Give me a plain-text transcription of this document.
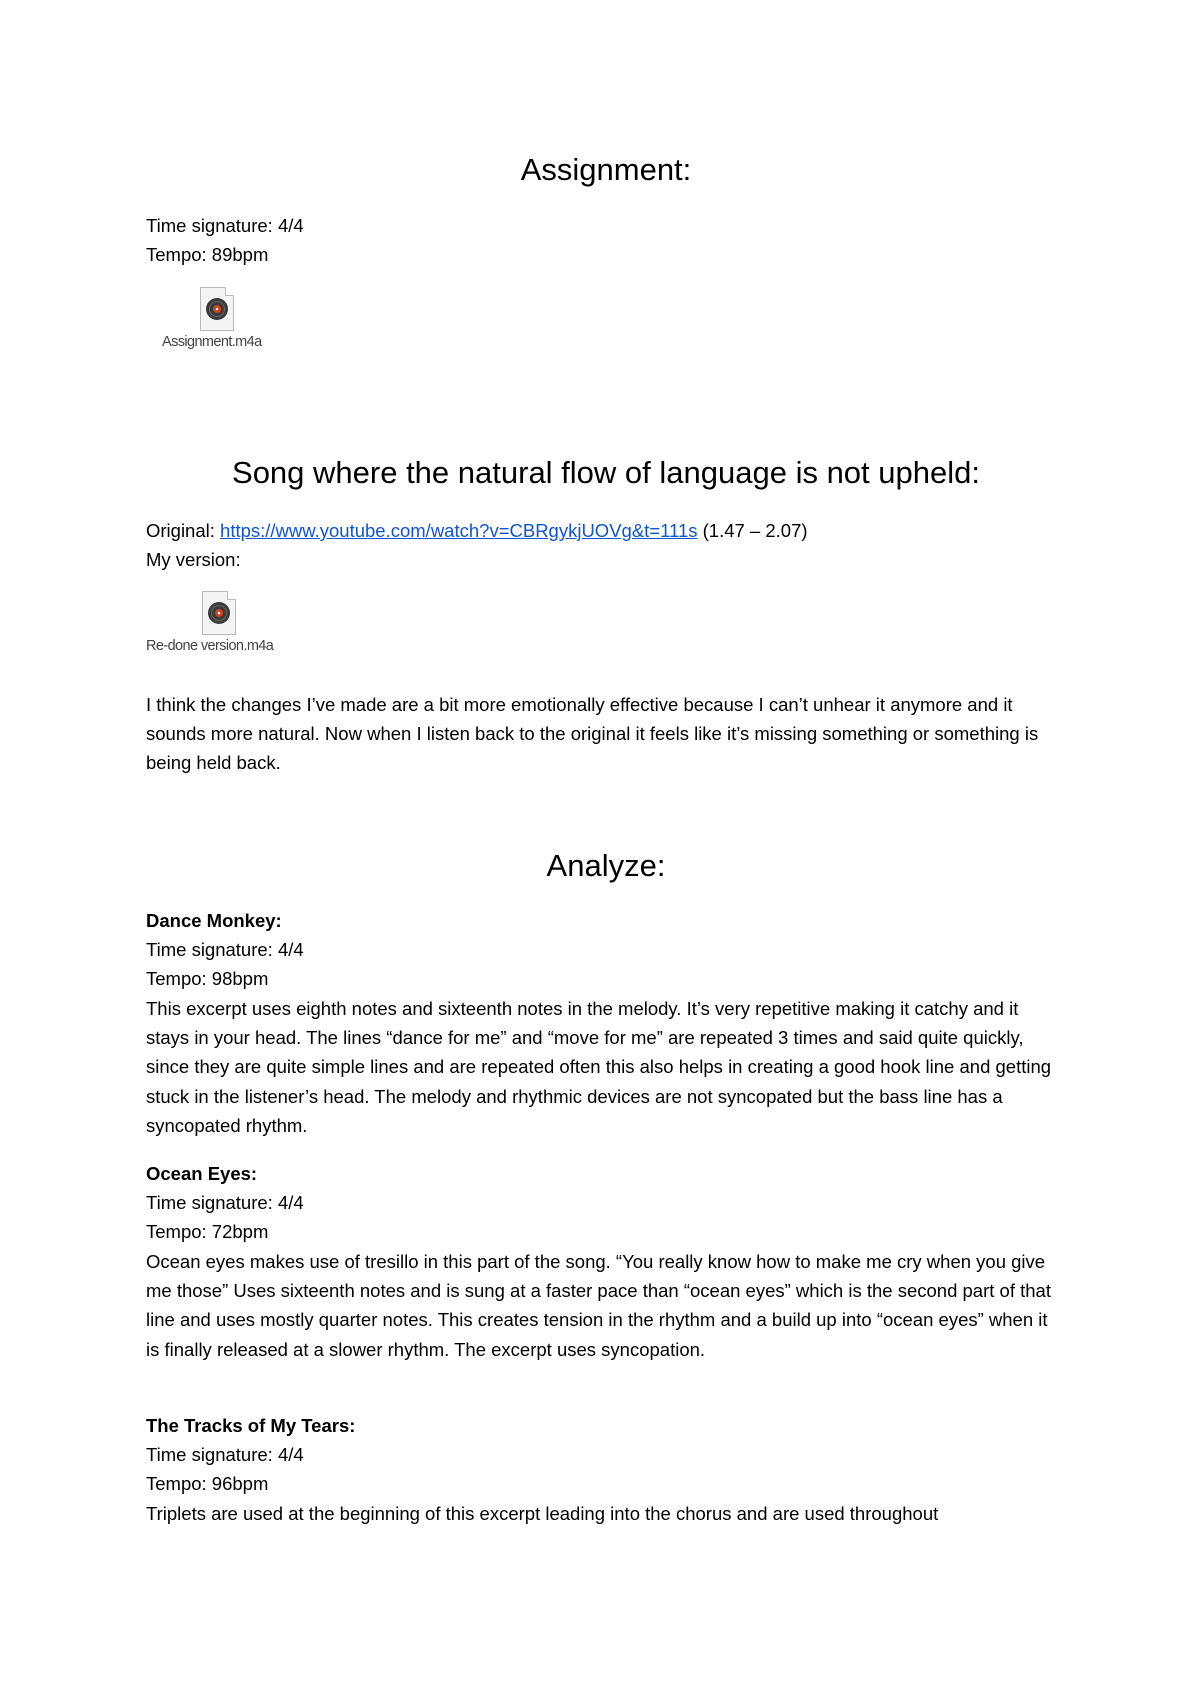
Assignment:
Time signature: 4/4
Tempo: 89bpm
Assignment.m4a
Song where the natural flow of language is not upheld:
Original: https://www.youtube.com/watch?v=CBRgykjUOVg&t=111s (1.47 – 2.07)
My version:
Re-done version.m4a

I think the changes I’ve made are a bit more emotionally effective because I can’t unhear it anymore and it sounds more natural. Now when I listen back to the original it feels like it’s missing something or something is being held back.

Analyze:
Dance Monkey:
Time signature: 4/4
Tempo: 98bpm

This excerpt uses eighth notes and sixteenth notes in the melody. It’s very repetitive making it catchy and it stays in your head. The lines “dance for me” and “move for me” are repeated 3 times and said quite quickly, since they are quite simple lines and are repeated often this also helps in creating a good hook line and getting stuck in the listener’s head. The melody and rhythmic devices are not syncopated but the bass line has a syncopated rhythm.

Ocean Eyes:
Time signature: 4/4
Tempo: 72bpm

Ocean eyes makes use of tresillo in this part of the song. “You really know how to make me cry when you give me those” Uses sixteenth notes and is sung at a faster pace than “ocean eyes” which is the second part of that line and uses mostly quarter notes. This creates tension in the rhythm and a build up into “ocean eyes” when it is finally released at a slower rhythm. The excerpt uses syncopation.

The Tracks of My Tears:
Time signature: 4/4
Tempo: 96bpm

Triplets are used at the beginning of this excerpt leading into the chorus and are used throughout
